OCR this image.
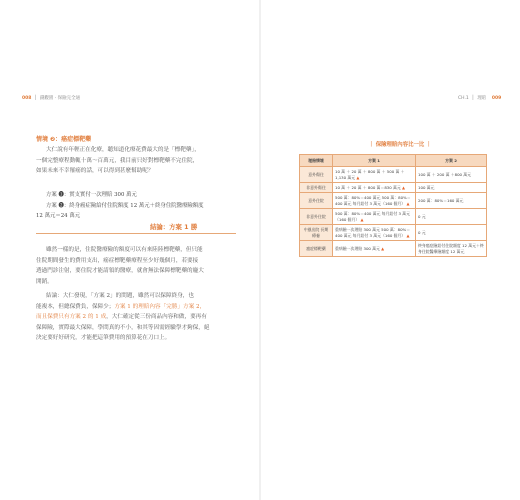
008  │  錢觀園 · 保險完全通
情境 ❷：癌症標靶藥
大仁說有年輕正在化療，聽知道化療花費最大的是「標靶藥」，
一個完整療程動輒十萬～百萬元，我目前只好對標靶藥不完住院，
如果未來不幸罹癌的話，可以得到甚麼幫助呢？
方案 ❶：實支實付一次理賠 300 萬元
方案 ❷：終身癌症險給付住院額度 12 萬元＋終身住院醫療險額度
12 萬元＝24 萬元
結論：方案 1 勝
雖然一樣的是，住院醫療險的額度可以有來陸陸標靶藥，但只能
住院期間發生的費用支出，癌症標靶藥療程至少好幾個月，若要接
透過門診注射，要住院才能請領的醫療，就會無法保障標靶藥的龐大
開銷。
結論：大仁發現，「方案 2」的問題，雖然可以保障終身，也
能複本，但總保費負，保障少；方案 1 的理賠內容「完勝」方案 2，
而且保費只有方案 2 的 1 成，大仁確定從三份商品內容和做，要再有
保障險，實際最大保障，學問真的不小，和其等因需經驗學才夠保，絕
決定要好好研究，才能把這筆費用的預算花在刀口上。
CH.1  │  理賠 009
｜ 保險理賠內容比一比 ｜
理賠情境	方案 1	方案 2
意外傷住	10 萬 ＋ 20 萬 ＋ 800 萬 ＋ 500 萬 ＋1,130 萬元 ▲	100 萬 ＋ 200 萬 ＋800 萬元
非意外傷住	10 萬 ＋ 20 萬 ＋ 800 萬＝830 萬元 ▲	100 萬元
意外住院	500 萬：80%＝400 萬元 500 萬：80%＝400 萬元 每月給付 3 萬元（160 個月） ▲	200 萬：80%＝160 萬元
非意外住院	500 萬：80%＝400 萬元 每月給付 3 萬元（160 個月） ▲	0 元
中風出院 長期療養	重病險一次理賠 300 萬元 500 萬：80%＝400 萬元 每月給付 3 萬元（160 個月） ▲	0 元
癌症標靶藥	重病險一次理賠 300 萬元 ▲	終身癌症險給付住院額度 12 萬元＋終身住院醫療險額度 12 萬元
